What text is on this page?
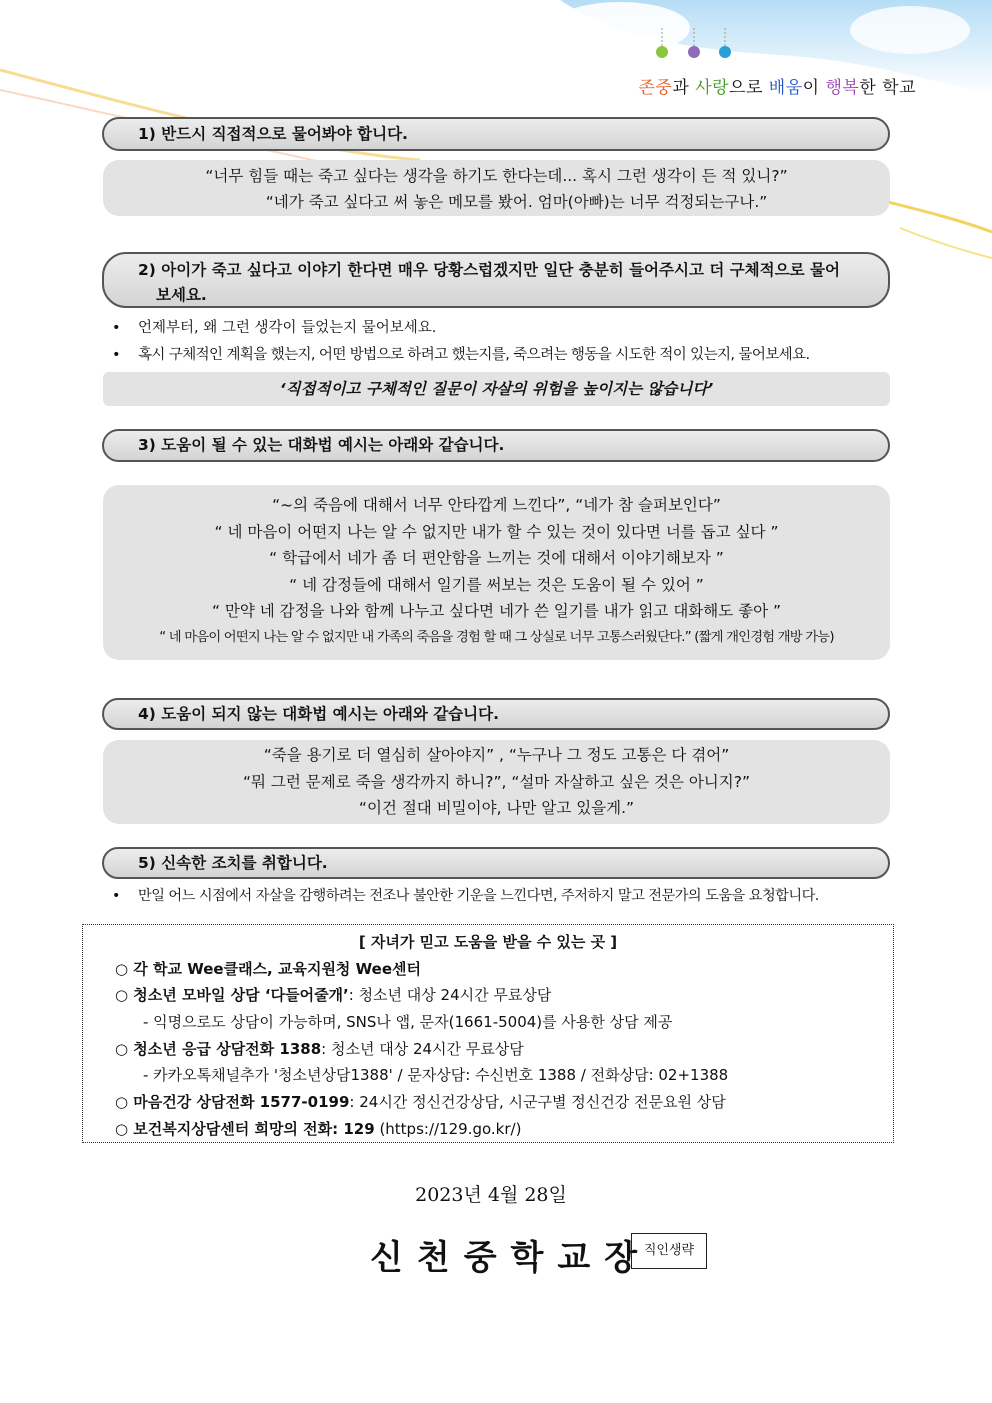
존중과 사랑으로 배움이 행복한 학교
1) 반드시 직접적으로 물어봐야 합니다.
“너무 힘들 때는 죽고 싶다는 생각을 하기도 한다는데... 혹시 그런 생각이 든 적 있니?”
“네가 죽고 싶다고 써 놓은 메모를 봤어. 엄마(아빠)는 너무 걱정되는구나.”
2) 아이가 죽고 싶다고 이야기 한다면 매우 당황스럽겠지만 일단 충분히 들어주시고 더 구체적으로 물어
보세요.
• 언제부터, 왜 그런 생각이 들었는지 물어보세요.
• 혹시 구체적인 계획을 했는지, 어떤 방법으로 하려고 했는지를, 죽으려는 행동을 시도한 적이 있는지, 물어보세요.
‘직접적이고 구체적인 질문이 자살의 위험을 높이지는 않습니다’
3) 도움이 될 수 있는 대화법 예시는 아래와 같습니다.
“~의 죽음에 대해서 너무 안타깝게 느낀다”, “네가 참 슬퍼보인다”
“ 네 마음이 어떤지 나는 알 수 없지만 내가 할 수 있는 것이 있다면 너를 돕고 싶다 ”
“ 학급에서 네가 좀 더 편안함을 느끼는 것에 대해서 이야기해보자 ”
“ 네 감정들에 대해서 일기를 써보는 것은 도움이 될 수 있어 ”
“ 만약 네 감정을 나와 함께 나누고 싶다면 네가 쓴 일기를 내가 읽고 대화해도 좋아 ”
“ 네 마음이 어떤지 나는 알 수 없지만 내 가족의 죽음을 경험 할 때 그 상실로 너무 고통스러웠단다.” (짧게 개인경험 개방 가능)
4) 도움이 되지 않는 대화법 예시는 아래와 같습니다.
“죽을 용기로 더 열심히 살아야지” , “누구나 그 정도 고통은 다 겪어”
“뭐 그런 문제로 죽을 생각까지 하니?”, “설마 자살하고 싶은 것은 아니지?”
“이건 절대 비밀이야, 나만 알고 있을게.”
5) 신속한 조치를 취합니다.
• 만일 어느 시점에서 자살을 감행하려는 전조나 불안한 기운을 느낀다면, 주저하지 말고 전문가의 도움을 요청합니다.
[ 자녀가 믿고 도움을 받을 수 있는 곳 ]
○ 각 학교 Wee클래스, 교육지원청 Wee센터
○ 청소년 모바일 상담 ‘다들어줄개’: 청소년 대상 24시간 무료상담
- 익명으로도 상담이 가능하며, SNS나 앱, 문자(1661-5004)를 사용한 상담 제공
○ 청소년 응급 상담전화 1388: 청소년 대상 24시간 무료상담
- 카카오톡채널추가 '청소년상담1388' / 문자상담: 수신번호 1388 / 전화상담: 02+1388
○ 마음건강 상담전화 1577-0199: 24시간 정신건강상담, 시군구별 정신건강 전문요원 상담
○ 보건복지상담센터 희망의 전화: 129 (https://129.go.kr/)
2023년 4월 28일
신천중학교장
직인생략
